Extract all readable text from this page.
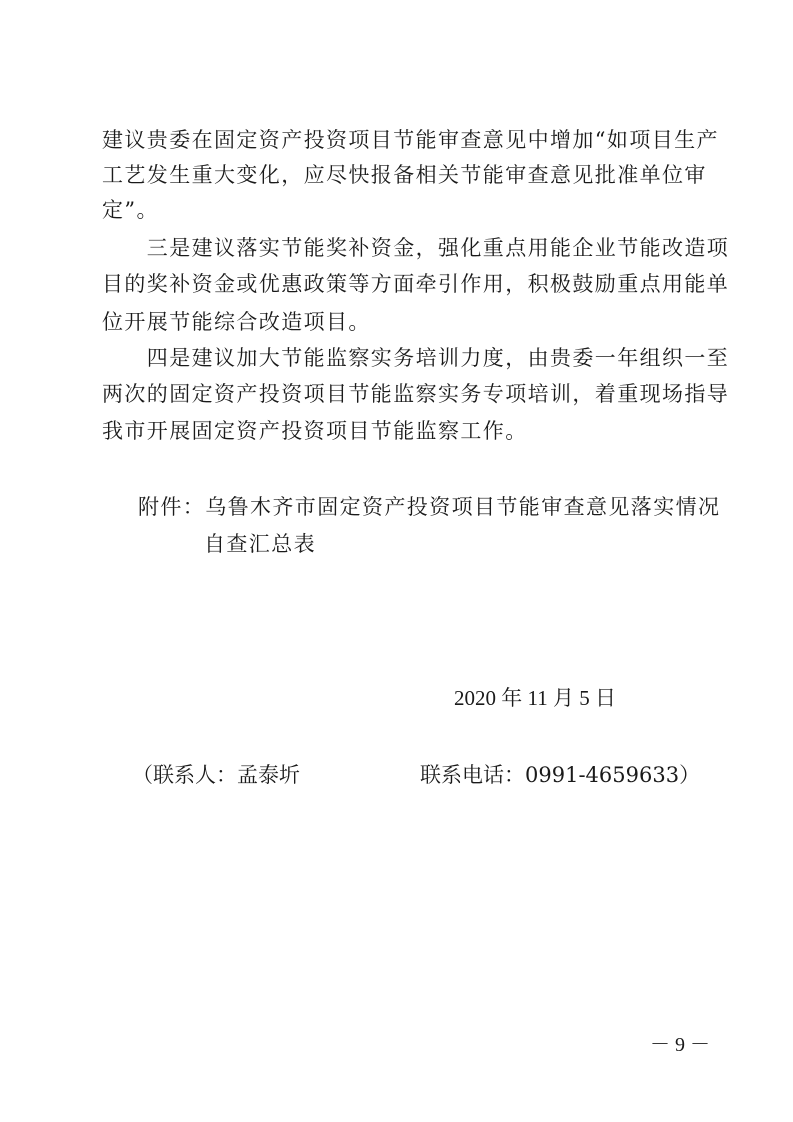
建议贵委在固定资产投资项目节能审查意见中增加“如项目生产
工艺发生重大变化，应尽快报备相关节能审查意见批准单位审
定”。
　　三是建议落实节能奖补资金，强化重点用能企业节能改造项
目的奖补资金或优惠政策等方面牵引作用，积极鼓励重点用能单
位开展节能综合改造项目。
　　四是建议加大节能监察实务培训力度，由贵委一年组织一至
两次的固定资产投资项目节能监察实务专项培训，着重现场指导
我市开展固定资产投资项目节能监察工作。
附件：乌鲁木齐市固定资产投资项目节能审查意见落实情况
自查汇总表
2020 年 11 月 5 日
（联系人：孟泰圻	联系电话：0991-4659633）
－ 9 －
